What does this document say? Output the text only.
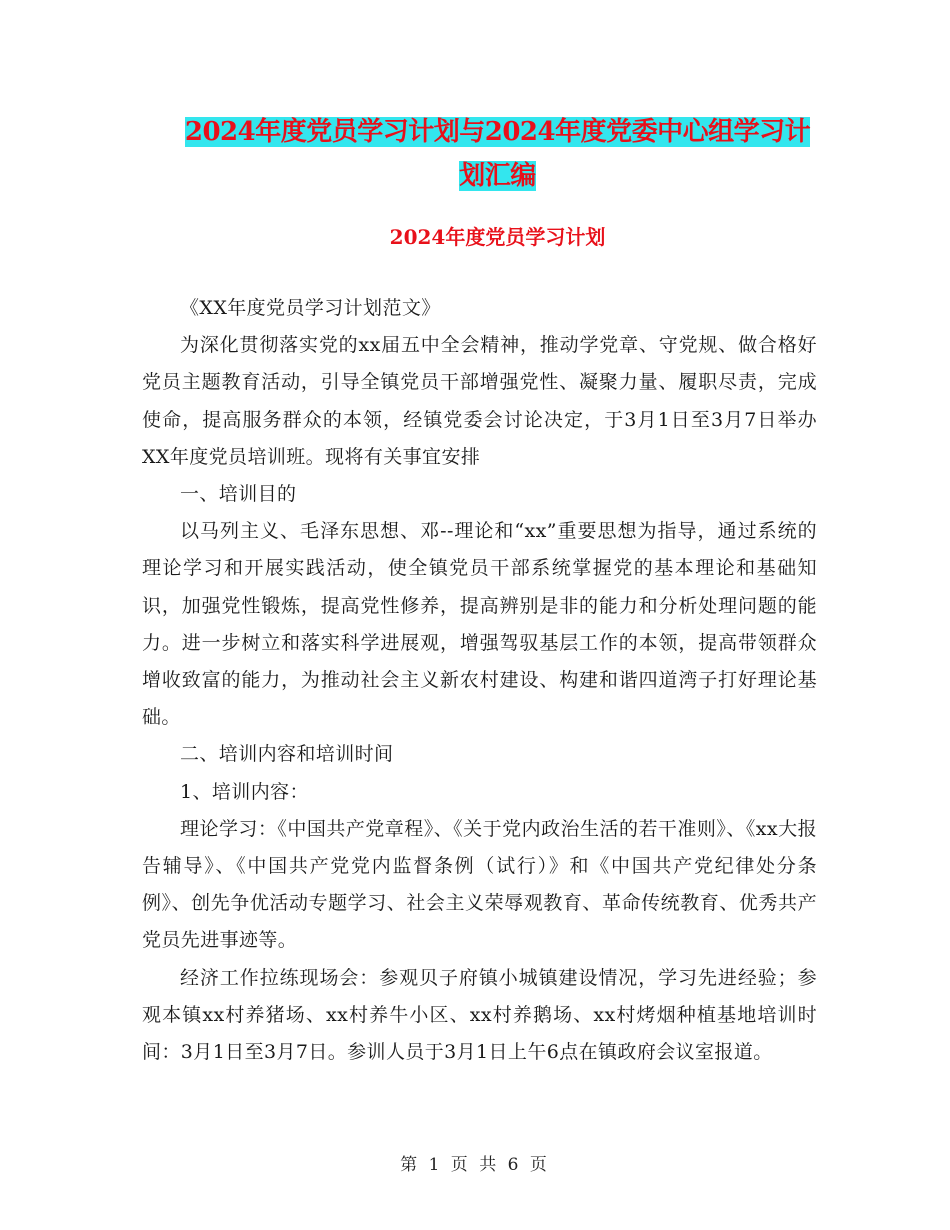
2024年度党员学习计划与2024年度党委中心组学习计
划汇编
2024年度党员学习计划

《XX年度党员学习计划范文》

为深化贯彻落实党的xx届五中全会精神，推动学党章、守党规、做合格好党员主题教育活动，引导全镇党员干部增强党性、凝聚力量、履职尽责，完成使命，提高服务群众的本领，经镇党委会讨论决定，于3月1日至3月7日举办XX年度党员培训班。现将有关事宜安排

一、培训目的

以马列主义、毛泽东思想、邓--理论和“xx”重要思想为指导，通过系统的理论学习和开展实践活动，使全镇党员干部系统掌握党的基本理论和基础知识，加强党性锻炼，提高党性修养，提高辨别是非的能力和分析处理问题的能力。进一步树立和落实科学进展观，增强驾驭基层工作的本领，提高带领群众增收致富的能力，为推动社会主义新农村建设、构建和谐四道湾子打好理论基础。

二、培训内容和培训时间

1、培训内容：

理论学习：《中国共产党章程》、《关于党内政治生活的若干准则》、《xx大报告辅导》、《中国共产党党内监督条例（试行）》和《中国共产党纪律处分条例》、创先争优活动专题学习、社会主义荣辱观教育、革命传统教育、优秀共产党员先进事迹等。

经济工作拉练现场会：参观贝子府镇小城镇建设情况，学习先进经验；参观本镇xx村养猪场、xx村养牛小区、xx村养鹅场、xx村烤烟种植基地培训时间：3月1日至3月7日。参训人员于3月1日上午6点在镇政府会议室报道。

第 1 页 共 6 页
